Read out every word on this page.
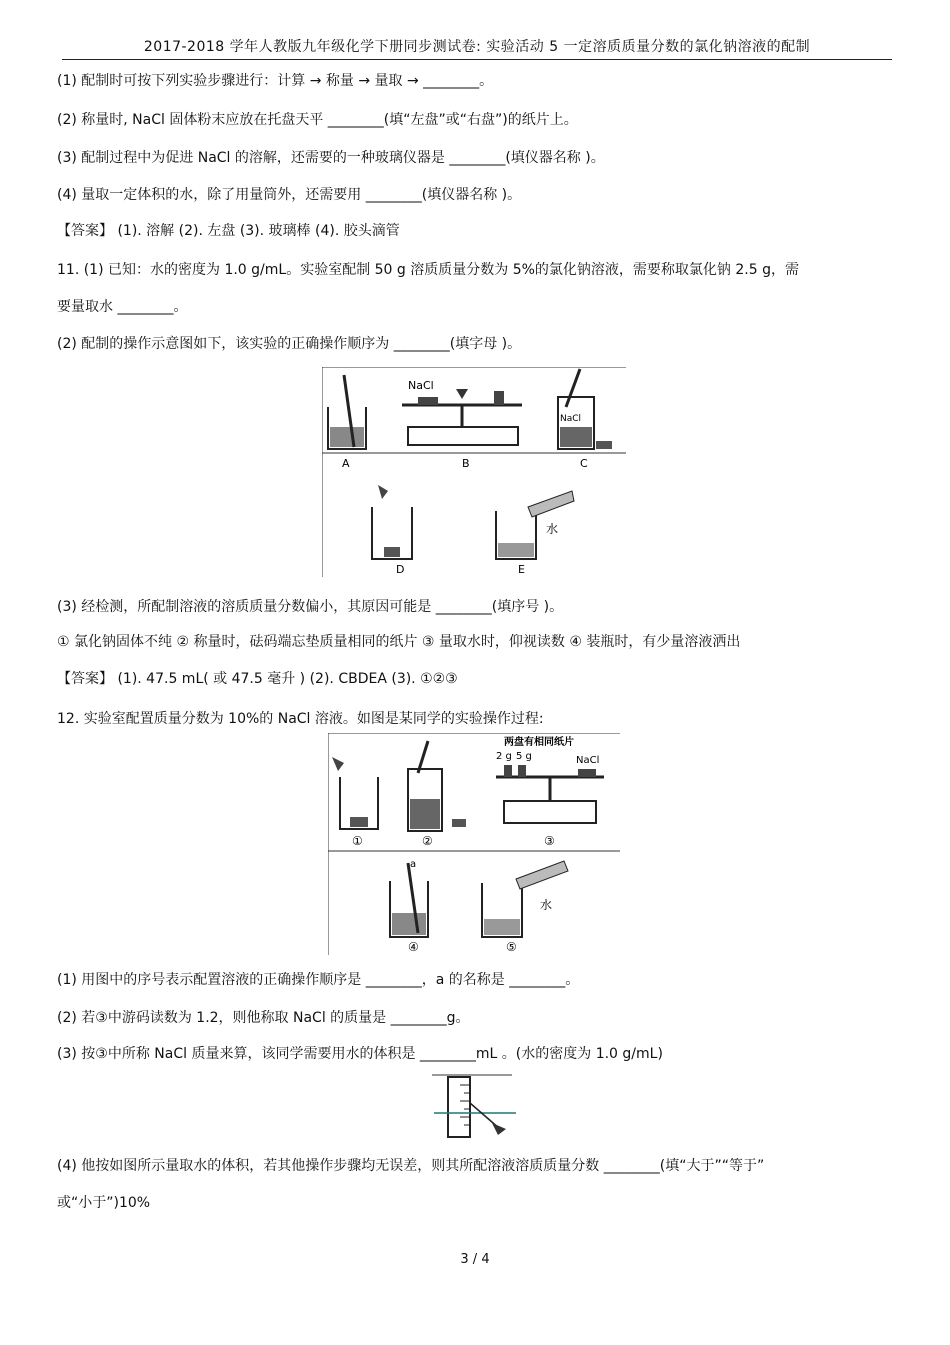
2017-2018 学年人教版九年级化学下册同步测试卷: 实验活动 5 一定溶质质量分数的氯化钠溶液的配制
(1) 配制时可按下列实验步骤进行：计算 → 称量 → 量取 → ________。
(2) 称量时, NaCl 固体粉末应放在托盘天平 ________(填“左盘”或“右盘”)的纸片上。
(3) 配制过程中为促进 NaCl 的溶解，还需要的一种玻璃仪器是 ________(填仪器名称 )。
(4) 量取一定体积的水，除了用量筒外，还需要用 ________(填仪器名称 )。
【答案】 (1). 溶解 (2). 左盘 (3). 玻璃棒 (4). 胶头滴管
11. (1) 已知：水的密度为 1.0 g/mL。实验室配制 50 g 溶质质量分数为 5%的氯化钠溶液，需要称取氯化钠 2.5 g，需
要量取水 ________。
(2) 配制的操作示意图如下，该实验的正确操作顺序为 ________(填字母 )。
A
NaCl
B
NaCl
C
D
水
E
(3) 经检测，所配制溶液的溶质质量分数偏小，其原因可能是 ________(填序号 )。
① 氯化钠固体不纯 ② 称量时，砝码端忘垫质量相同的纸片 ③ 量取水时，仰视读数 ④ 装瓶时，有少量溶液洒出
【答案】 (1). 47.5 mL( 或 47.5 毫升 ) (2). CBDEA (3). ①②③
12. 实验室配置质量分数为 10%的 NaCl 溶液。如图是某同学的实验操作过程:
①	②
两盘有相同纸片
2 g 5 g	NaCl
③
a
④
水
⑤
(1) 用图中的序号表示配置溶液的正确操作顺序是 ________，a 的名称是 ________。
(2) 若③中游码读数为 1.2，则他称取 NaCl 的质量是 ________g。
(3) 按③中所称 NaCl 质量来算，该同学需要用水的体积是 ________mL 。(水的密度为 1.0 g/mL)
(4) 他按如图所示量取水的体积，若其他操作步骤均无误差，则其所配溶液溶质质量分数 ________(填“大于”“等于”
或“小于”)10%
3 / 4
